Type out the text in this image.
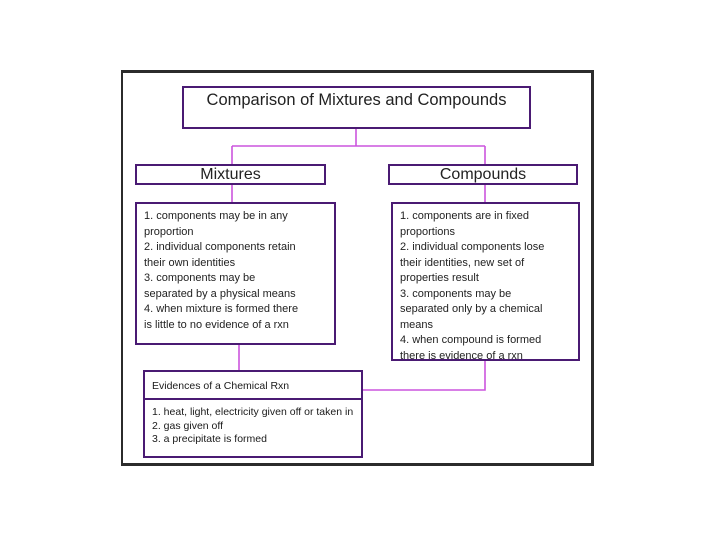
Comparison of Mixtures and Compounds
Mixtures	Compounds
1. components may be in any
proportion
2. individual components retain
their own identities
3. components may be
separated by a physical means
4. when mixture is formed there
is little to no evidence of a rxn
1. components are in fixed
proportions
2. individual components lose
their identities, new set of
properties result
3. components may be
separated only by a chemical
means
4. when compound is formed
there is evidence of a rxn
Evidences of a Chemical Rxn
1. heat, light, electricity given off or taken in
2. gas given off
3. a precipitate is formed
